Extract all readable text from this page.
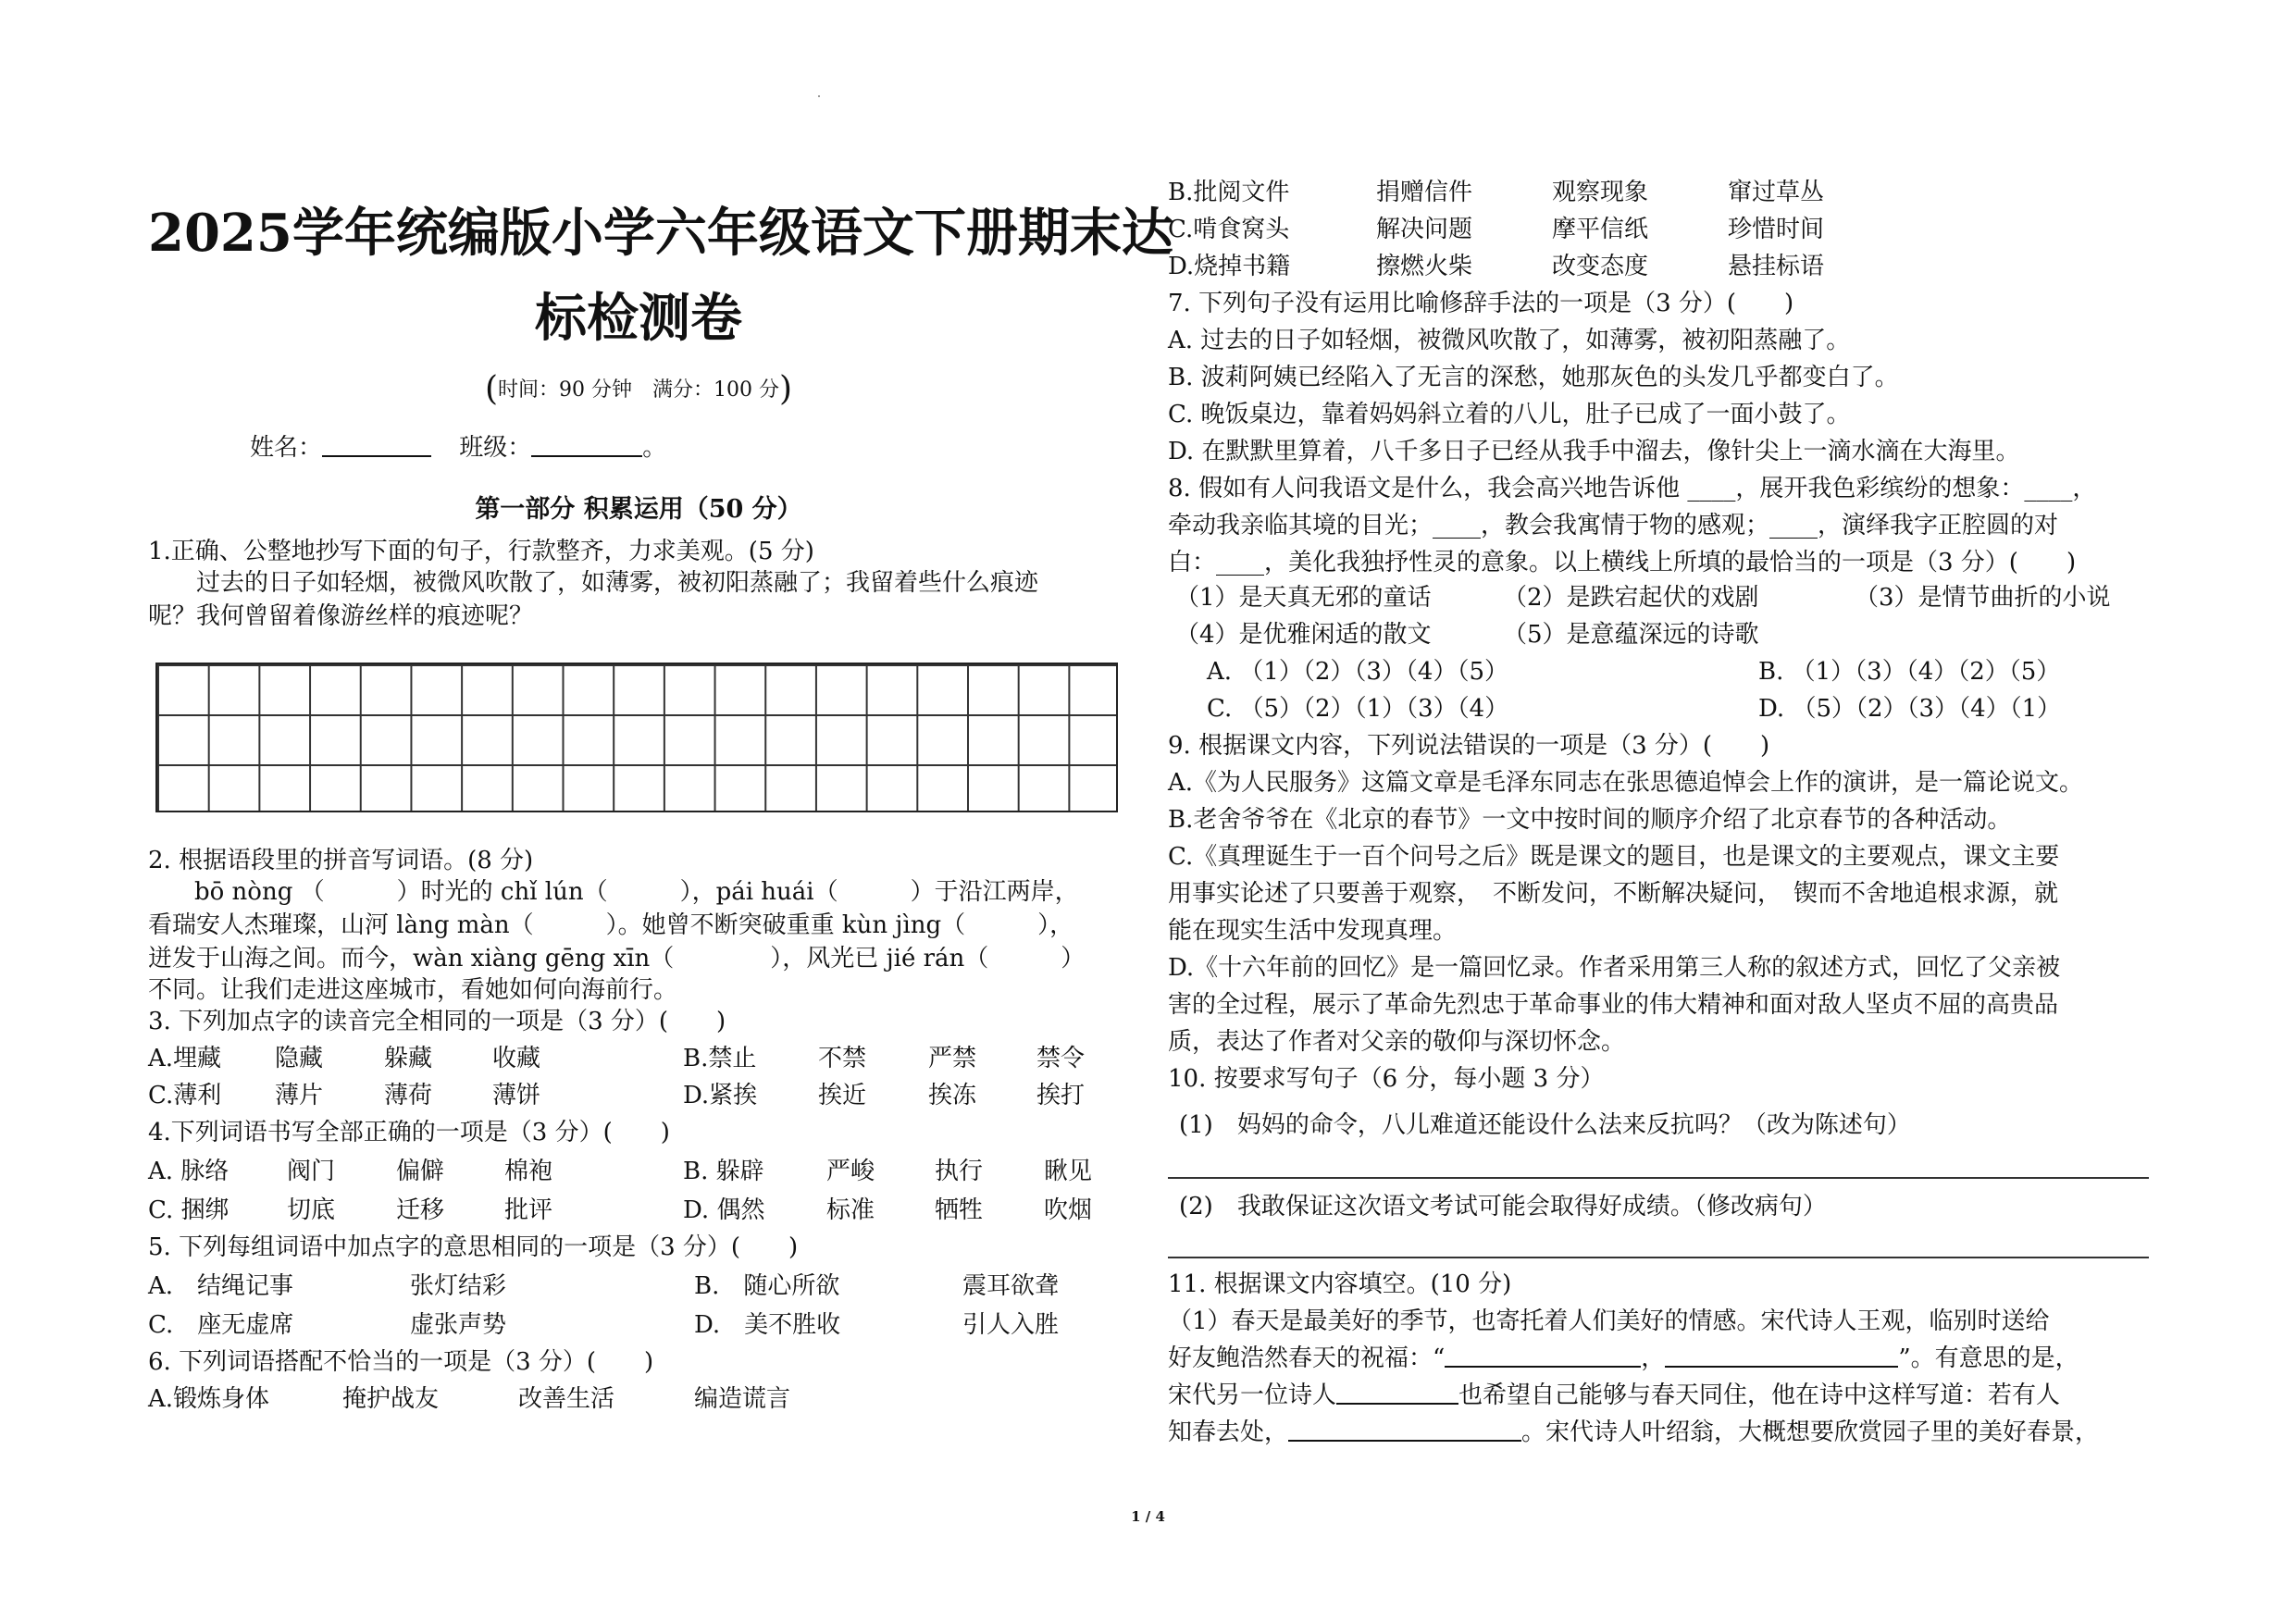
2025学年统编版小学六年级语文下册期末达
标检测卷
(时间：90 分钟　满分：100 分)
姓名：	班级：	。
第一部分 积累运用（50 分）
1.正确、公整地抄写下面的句子，行款整齐，力求美观。(5 分)
过去的日子如轻烟，被微风吹散了，如薄雾，被初阳蒸融了；我留着些什么痕迹
呢？我何曾留着像游丝样的痕迹呢？
2. 根据语段里的拼音写词语。(8 分)
bō nòng （　　　）时光的 chǐ lún（　　　），pái huái（　　　）于沿江两岸，
看瑞安人杰璀璨，山河 làng màn（　　　）。她曾不断突破重重 kùn jìng（　　　），
迸发于山海之间。而今，wàn xiàng gēng xīn（　　　　），风光已 jié rán（　　　）
不同。让我们走进这座城市，看她如何向海前行。
3. 下列加点字的读音完全相同的一项是（3 分）(　　)
A.埋藏 隐藏	躲藏 收藏	B.禁止	不禁	严禁 禁令
C.薄利 薄片	薄荷 薄饼	D.紧挨	挨近	挨冻 挨打
4.下列词语书写全部正确的一项是（3 分）(　　)
A. 脉络 阀门	偏僻 棉袍	B. 躲辟	严峻 执行	瞅见
C. 捆绑 切底	迁移 批评	D. 偶然	标准 牺牲	吹烟
5. 下列每组词语中加点字的意思相同的一项是（3 分）(　　)
A.　结绳记事	张灯结彩	B.　随心所欲	震耳欲聋
C.　座无虚席	虚张声势	D.　美不胜收	引人入胜
6. 下列词语搭配不恰当的一项是（3 分）(　　)
A.锻炼身体	掩护战友	改善生活	编造谎言
B.批阅文件	捐赠信件	观察现象	窜过草丛
C.啃食窝头	解决问题	摩平信纸	珍惜时间
D.烧掉书籍	擦燃火柴	改变态度	悬挂标语
7. 下列句子没有运用比喻修辞手法的一项是（3 分）(　　)
A. 过去的日子如轻烟，被微风吹散了，如薄雾，被初阳蒸融了。
B. 波莉阿姨已经陷入了无言的深愁，她那灰色的头发几乎都变白了。
C. 晚饭桌边，靠着妈妈斜立着的八儿，肚子已成了一面小鼓了。
D. 在默默里算着，八千多日子已经从我手中溜去，像针尖上一滴水滴在大海里。
8. 假如有人问我语文是什么，我会高兴地告诉他 ____，展开我色彩缤纷的想象：____，
牵动我亲临其境的目光；____，教会我寓情于物的感观；____，演绎我字正腔圆的对
白：____，美化我独抒性灵的意象。以上横线上所填的最恰当的一项是（3 分）(　　)
（1）是天真无邪的童话	（2）是跌宕起伏的戏剧	（3）是情节曲折的小说
（4）是优雅闲适的散文	（5）是意蕴深远的诗歌
A. （1）（2）（3）（4）（5）	B. （1）（3）（4）（2）（5）
C. （5）（2）（1）（3）（4）	D. （5）（2）（3）（4）（1）
9. 根据课文内容，下列说法错误的一项是（3 分）(　　)
A.《为人民服务》这篇文章是毛泽东同志在张思德追悼会上作的演讲，是一篇论说文。
B.老舍爷爷在《北京的春节》一文中按时间的顺序介绍了北京春节的各种活动。
C.《真理诞生于一百个问号之后》既是课文的题目，也是课文的主要观点，课文主要
用事实论述了只要善于观察，　不断发问，不断解决疑问，　锲而不舍地追根求源，就
能在现实生活中发现真理。
D.《十六年前的回忆》是一篇回忆录。作者采用第三人称的叙述方式，回忆了父亲被
害的全过程，展示了革命先烈忠于革命事业的伟大精神和面对敌人坚贞不屈的高贵品
质，表达了作者对父亲的敬仰与深切怀念。
10. 按要求写句子（6 分，每小题 3 分）
(1)　妈妈的命令，八儿难道还能设什么法来反抗吗？（改为陈述句）
(2)　我敢保证这次语文考试可能会取得好成绩。（修改病句）
11. 根据课文内容填空。(10 分)
（1）春天是最美好的季节，也寄托着人们美好的情感。宋代诗人王观，临别时送给
好友鲍浩然春天的祝福：“	，	”。有意思的是，
宋代另一位诗人	也希望自己能够与春天同住，他在诗中这样写道：若有人
知春去处，	。宋代诗人叶绍翁，大概想要欣赏园子里的美好春景，
1 / 4
